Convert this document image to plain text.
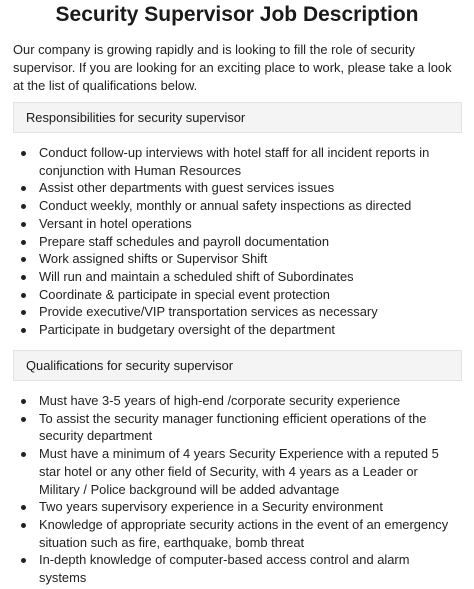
Security Supervisor Job Description

Our company is growing rapidly and is looking to fill the role of security supervisor. If you are looking for an exciting place to work, please take a look at the list of qualifications below.

Responsibilities for security supervisor
Conduct follow-up interviews with hotel staff for all incident reports in conjunction with Human Resources
Assist other departments with guest services issues
Conduct weekly, monthly or annual safety inspections as directed
Versant in hotel operations
Prepare staff schedules and payroll documentation
Work assigned shifts or Supervisor Shift
Will run and maintain a scheduled shift of Subordinates
Coordinate & participate in special event protection
Provide executive/VIP transportation services as necessary
Participate in budgetary oversight of the department
Qualifications for security supervisor
Must have 3-5 years of high-end /corporate security experience
To assist the security manager functioning efficient operations of the security department
Must have a minimum of 4 years Security Experience with a reputed 5 star hotel or any other field of Security, with 4 years as a Leader or Military / Police background will be added advantage
Two years supervisory experience in a Security environment
Knowledge of appropriate security actions in the event of an emergency situation such as fire, earthquake, bomb threat
In-depth knowledge of computer-based access control and alarm systems
